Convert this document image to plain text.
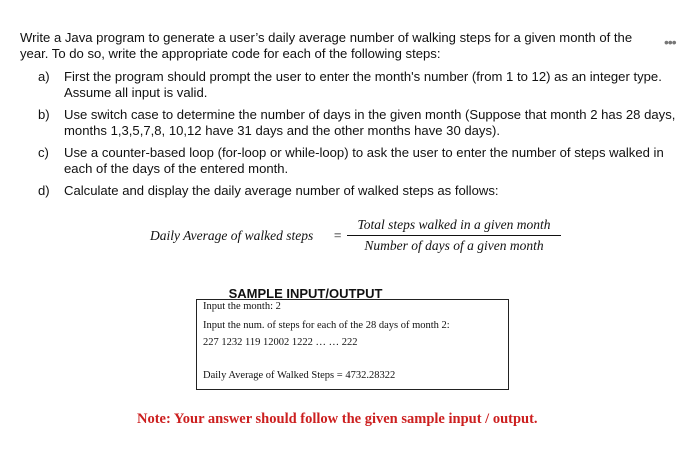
Write a Java program to generate a user’s daily average number of walking steps for a given month of the year. To do so, write the appropriate code for each of the following steps:
•••
a) First the program should prompt the user to enter the month's number (from 1 to 12) as an integer type. Assume all input is valid.
b) Use switch case to determine the number of days in the given month (Suppose that month 2 has 28 days, months 1,3,5,7,8, 10,12 have 31 days and the other months have 30 days).
c) Use a counter-based loop (for-loop or while-loop) to ask the user to enter the number of steps walked in each of the days of the entered month.
d) Calculate and display the daily average number of walked steps as follows:
Daily Average of walked steps =
Total steps walked in a given month
Number of days of a given month
SAMPLE INPUT/OUTPUT
Input the month: 2
Input the num. of steps for each of the 28 days of month 2:
227 1232 119 12002 1222 … … 222
Daily Average of Walked Steps = 4732.28322
Note: Your answer should follow the given sample input / output.
